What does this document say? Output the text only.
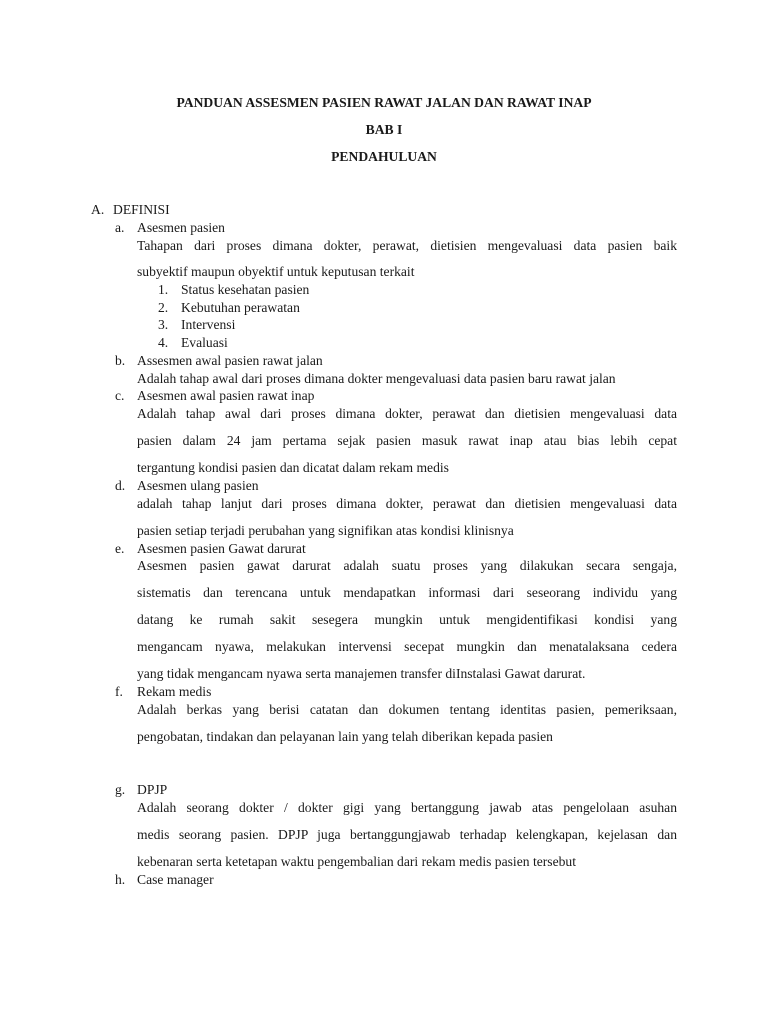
PANDUAN ASSESMEN PASIEN RAWAT JALAN DAN RAWAT INAP
BAB I
PENDAHULUAN
A. DEFINISI
a. Asesmen pasien
Tahapan dari proses dimana dokter, perawat, dietisien mengevaluasi data pasien baik
subyektif maupun obyektif untuk keputusan terkait
1. Status kesehatan pasien
2. Kebutuhan perawatan
3. Intervensi
4. Evaluasi
b. Assesmen awal pasien rawat jalan
Adalah tahap awal dari proses dimana dokter mengevaluasi data pasien baru rawat jalan
c. Asesmen awal pasien rawat inap
Adalah tahap awal dari proses dimana dokter, perawat dan dietisien mengevaluasi data
pasien dalam 24 jam pertama sejak pasien masuk rawat inap atau bias lebih cepat
tergantung kondisi pasien dan dicatat dalam rekam medis
d. Asesmen ulang pasien
adalah tahap lanjut dari proses dimana dokter, perawat dan dietisien mengevaluasi data
pasien setiap terjadi perubahan yang signifikan atas kondisi klinisnya
e. Asesmen pasien Gawat darurat
Asesmen pasien gawat darurat adalah suatu proses yang dilakukan secara sengaja,
sistematis dan terencana untuk mendapatkan informasi dari seseorang individu yang
datang ke rumah sakit sesegera mungkin untuk mengidentifikasi kondisi yang
mengancam nyawa, melakukan intervensi secepat mungkin dan menatalaksana cedera
yang tidak mengancam nyawa serta manajemen transfer diInstalasi Gawat darurat.
f. Rekam medis
Adalah berkas yang berisi catatan dan dokumen tentang identitas pasien, pemeriksaan,
pengobatan, tindakan dan pelayanan lain yang telah diberikan kepada pasien
g. DPJP
Adalah seorang dokter / dokter gigi yang bertanggung jawab atas pengelolaan asuhan
medis seorang pasien. DPJP juga bertanggungjawab terhadap kelengkapan, kejelasan dan
kebenaran serta ketetapan waktu pengembalian dari rekam medis pasien tersebut
h. Case manager
